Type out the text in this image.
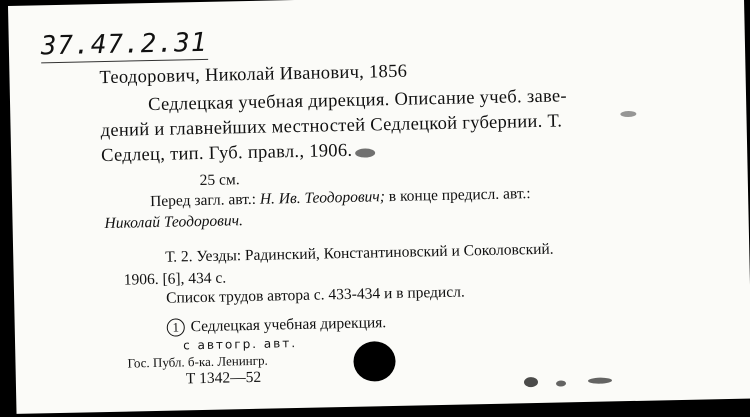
37.47.2.31
Теодорович, Николай Иванович, 1856
Седлецкая учебная дирекция. Описание учеб. заве-
дений и главнейших местностей Седлецкой губернии. Т.
Седлец, тип. Губ. правл., 1906.
25 см.
Перед загл. авт.: Н. Ив. Теодорович; в конце предисл. авт.:
Николай Теодорович.
Т. 2. Уезды: Радинский, Константиновский и Соколовский.
1906. [6], 434 с.
Список трудов автора с. 433-434 и в предисл.
1 Седлецкая учебная дирекция.
с автогр. авт.
Гос. Публ. б-ка. Ленингр.
Т 1342—52
